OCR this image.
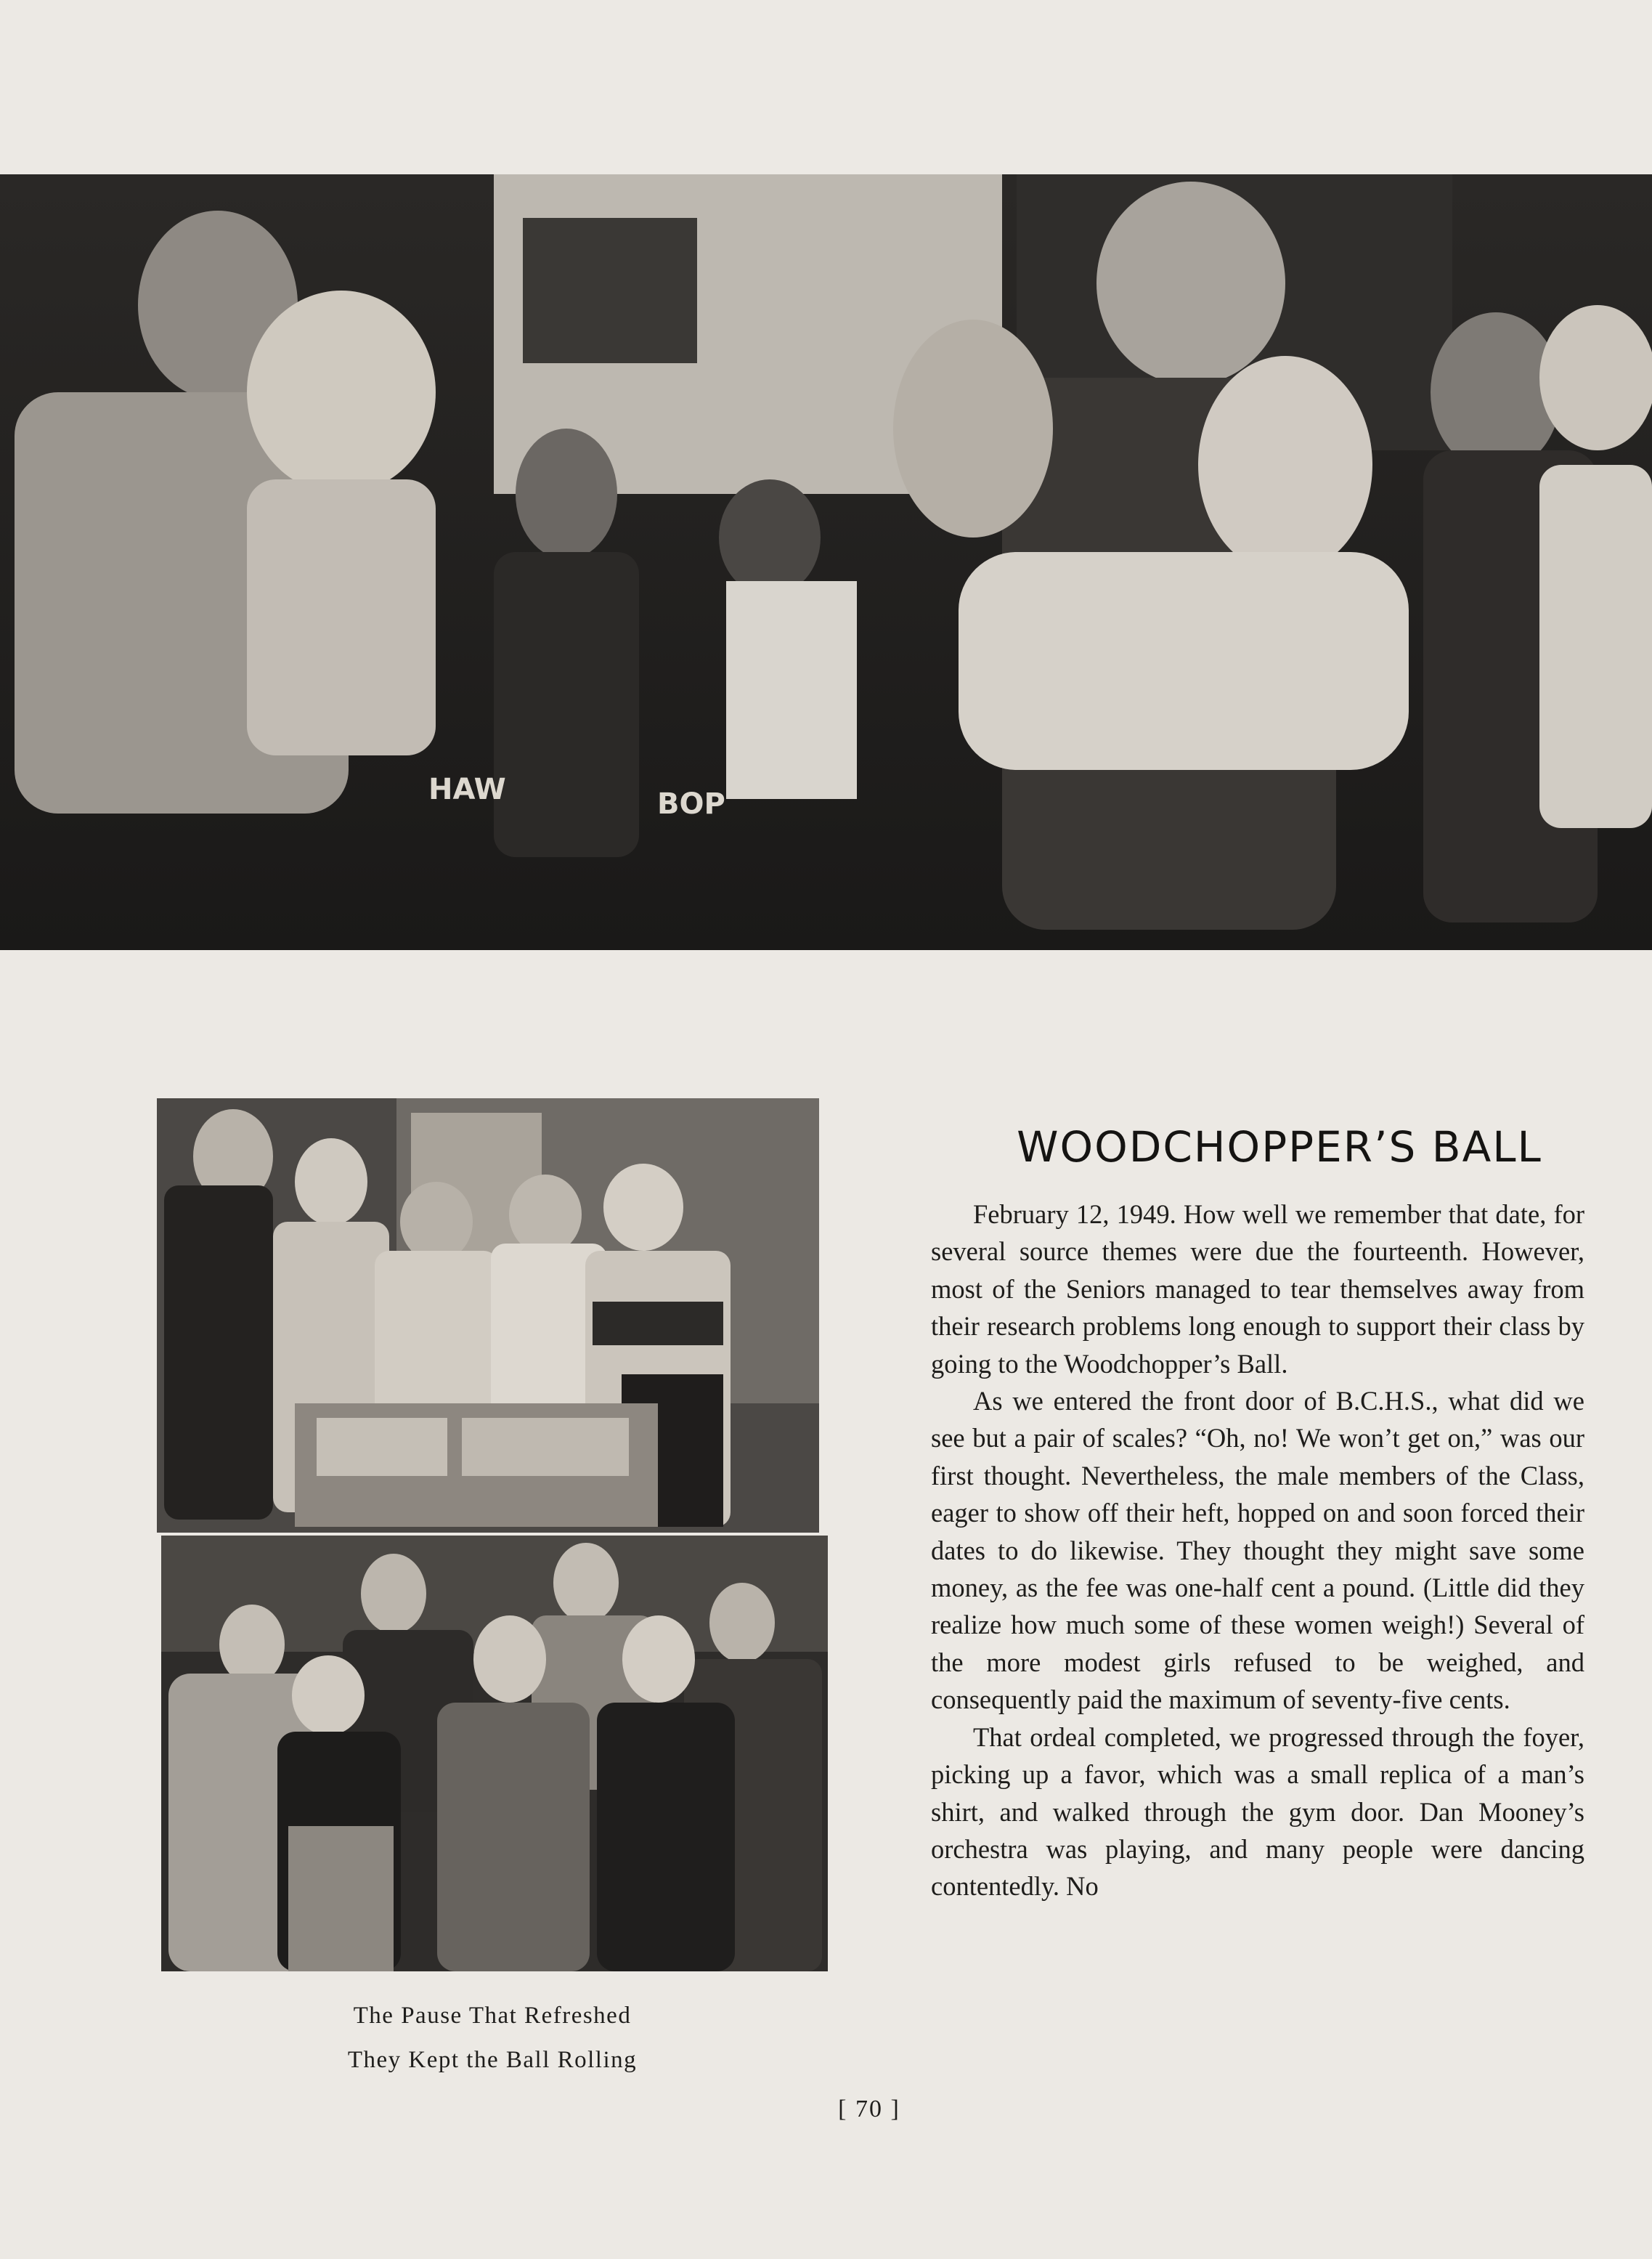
HAW	BOP
The Pause That Refreshed
They Kept the Ball Rolling
WOODCHOPPER’S BALL

February 12, 1949. How well we remember that date, for several source themes were due the fourteenth. However, most of the Seniors managed to tear themselves away from their research problems long enough to support their class by going to the Woodchopper’s Ball.

As we entered the front door of B.C.H.S., what did we see but a pair of scales? “Oh, no! We won’t get on,” was our first thought. Nevertheless, the male members of the Class, eager to show off their heft, hopped on and soon forced their dates to do likewise. They thought they might save some money, as the fee was one-half cent a pound. (Little did they realize how much some of these women weigh!) Several of the more modest girls refused to be weighed, and consequently paid the maximum of seventy-five cents.

That ordeal completed, we progressed through the foyer, picking up a favor, which was a small replica of a man’s shirt, and walked through the gym door. Dan Mooney’s orchestra was playing, and many people were dancing contentedly. No

[ 70 ]
